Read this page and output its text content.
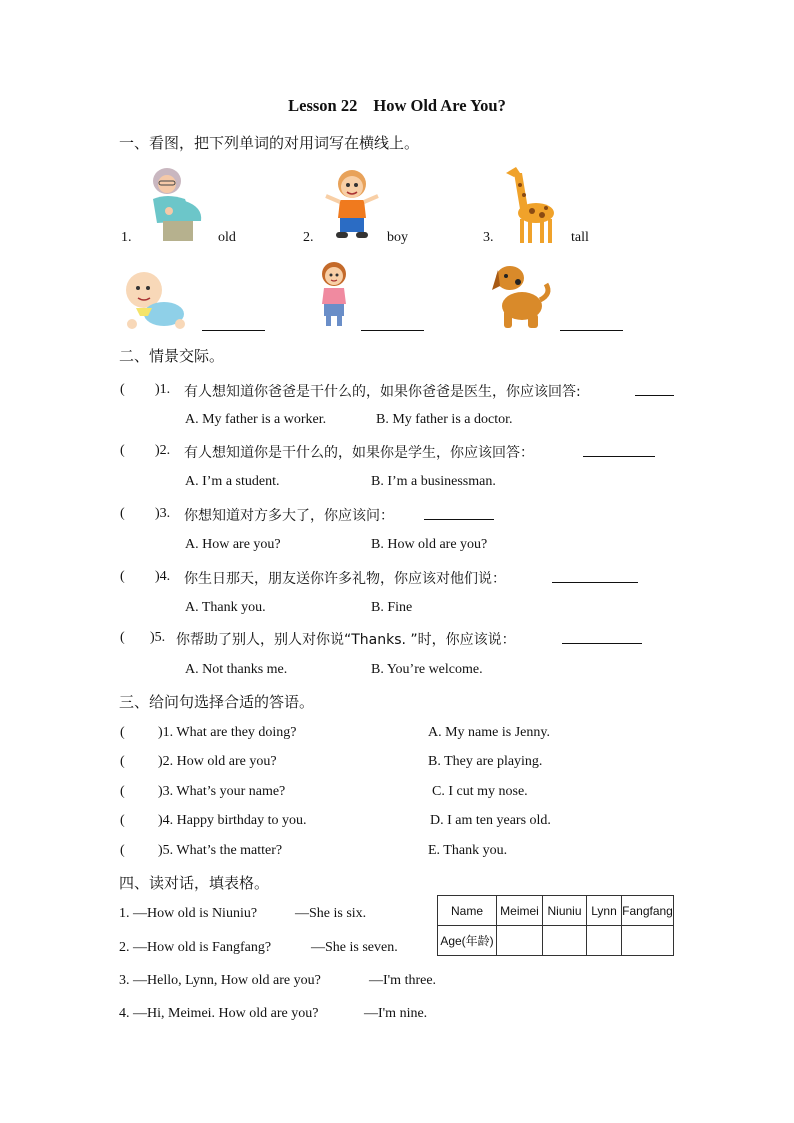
Lesson 22 How Old Are You?
一、看图，把下列单词的对用词写在横线上。
1.	old	2.	boy	3.	tall
二、情景交际。
( )1. 有人想知道你爸爸是干什么的，如果你爸爸是医生，你应该回答:
A. My father is a worker.	B. My father is a doctor.
( )2. 有人想知道你是干什么的，如果你是学生，你应该回答：
A. I’m a student.	B. I’m a businessman.
( )3. 你想知道对方多大了，你应该问：
A. How are you?	B. How old are you?
( )4. 你生日那天，朋友送你许多礼物，你应该对他们说：
A. Thank you.	B. Fine
( )5. 你帮助了别人，别人对你说“Thanks. ”时，你应该说：
A. Not thanks me.	B. You’re welcome.
三、给问句选择合适的答语。
( )1. What are they doing?	A. My name is Jenny.
( )2. How old are you?	B. They are playing.
( )3. What’s your name?	C. I cut my nose.
( )4. Happy birthday to you.	D. I am ten years old.
( )5. What’s the matter?	E. Thank you.
四、读对话，填表格。
1. —How old is Niuniu?	—She is six.
2. —How old is Fangfang?	—She is seven.
3. —Hello, Lynn, How old are you?	—I'm three.
4. —Hi, Meimei. How old are you?	—I'm nine.
Name	Meimei	Niuniu	Lynn	Fangfang
Age(年龄)				
